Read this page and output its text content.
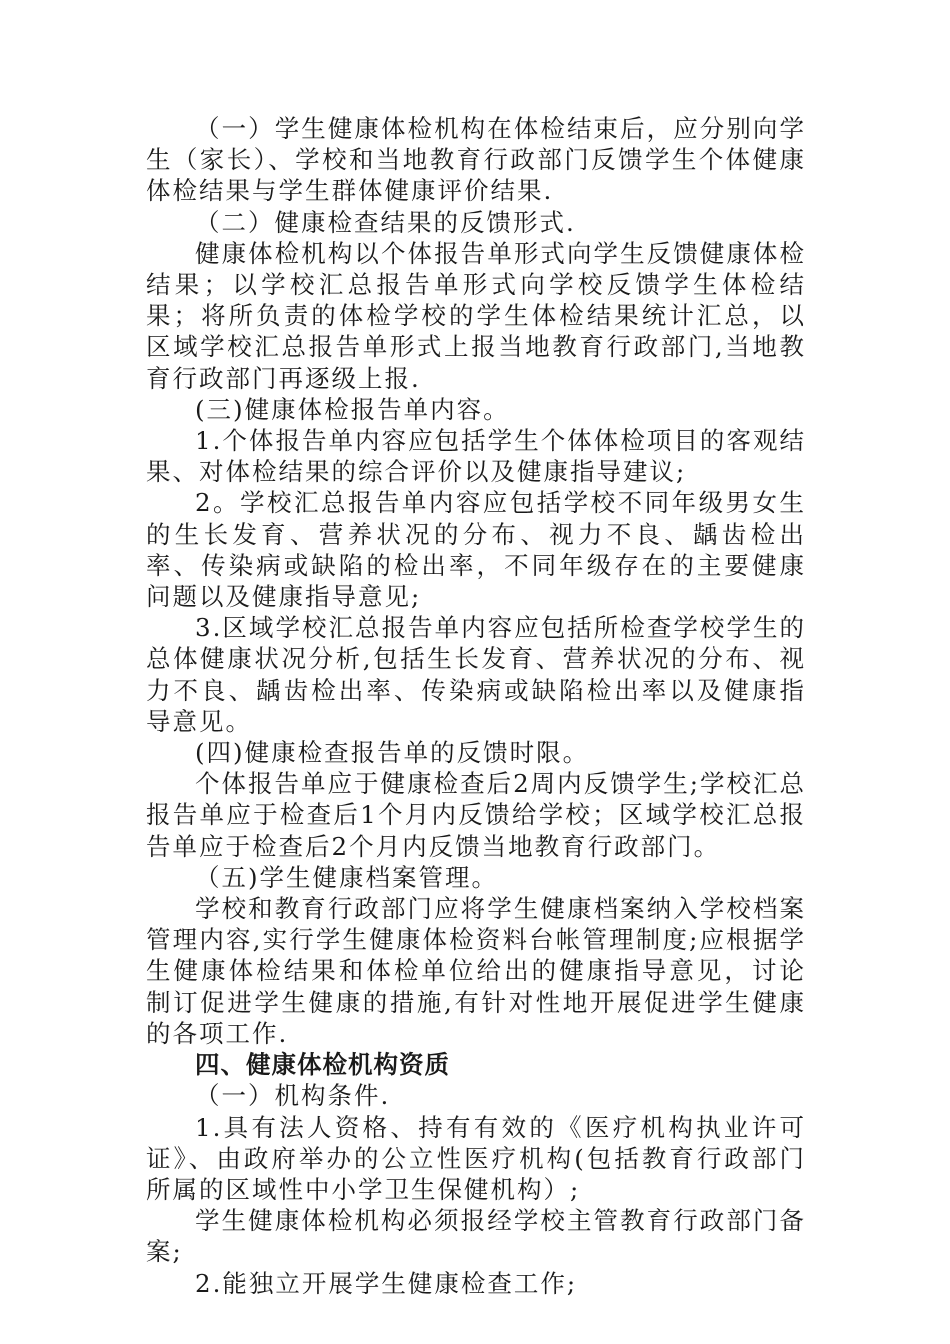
（一）学生健康体检机构在体检结束后，应分别向学生（家长）、学校和当地教育行政部门反馈学生个体健康体检结果与学生群体健康评价结果.

（二）健康检查结果的反馈形式.

健康体检机构以个体报告单形式向学生反馈健康体检结果；以学校汇总报告单形式向学校反馈学生体检结果；将所负责的体检学校的学生体检结果统计汇总，以区域学校汇总报告单形式上报当地教育行政部门,当地教育行政部门再逐级上报.

(三)健康体检报告单内容。

1.个体报告单内容应包括学生个体体检项目的客观结果、对体检结果的综合评价以及健康指导建议;

2。学校汇总报告单内容应包括学校不同年级男女生的生长发育、营养状况的分布、视力不良、龋齿检出率、传染病或缺陷的检出率，不同年级存在的主要健康问题以及健康指导意见;

3.区域学校汇总报告单内容应包括所检查学校学生的总体健康状况分析,包括生长发育、营养状况的分布、视力不良、龋齿检出率、传染病或缺陷检出率以及健康指导意见。

(四)健康检查报告单的反馈时限。

个体报告单应于健康检查后2周内反馈学生;学校汇总报告单应于检查后1个月内反馈给学校；区域学校汇总报告单应于检查后2个月内反馈当地教育行政部门。

（五)学生健康档案管理。

学校和教育行政部门应将学生健康档案纳入学校档案管理内容,实行学生健康体检资料台帐管理制度;应根据学生健康体检结果和体检单位给出的健康指导意见，讨论制订促进学生健康的措施,有针对性地开展促进学生健康的各项工作.

四、健康体检机构资质

（一）机构条件.

1.具有法人资格、持有有效的《医疗机构执业许可证》、由政府举办的公立性医疗机构(包括教育行政部门所属的区域性中小学卫生保健机构）;

学生健康体检机构必须报经学校主管教育行政部门备案;

2.能独立开展学生健康检查工作;
